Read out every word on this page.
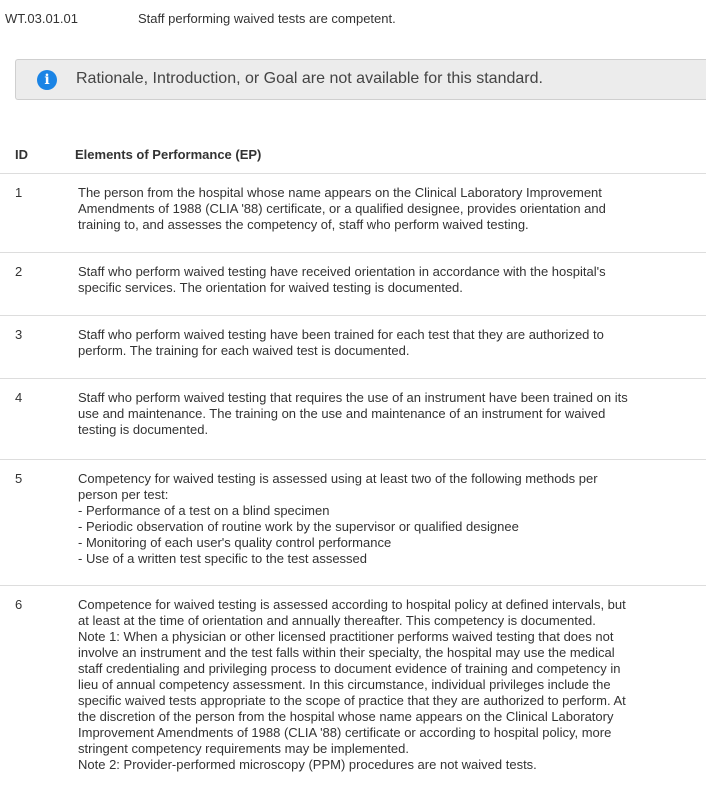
WT.03.01.01	Staff performing waived tests are competent.
i	Rationale, Introduction, or Goal are not available for this standard.
ID	Elements of Performance (EP)
1	The person from the hospital whose name appears on the Clinical Laboratory Improvement
Amendments of 1988 (CLIA '88) certificate, or a qualified designee, provides orientation and
training to, and assesses the competency of, staff who perform waived testing.
2	Staff who perform waived testing have received orientation in accordance with the hospital's
specific services. The orientation for waived testing is documented.
3	Staff who perform waived testing have been trained for each test that they are authorized to
perform. The training for each waived test is documented.
4	Staff who perform waived testing that requires the use of an instrument have been trained on its
use and maintenance. The training on the use and maintenance of an instrument for waived
testing is documented.
5	Competency for waived testing is assessed using at least two of the following methods per
person per test:
- Performance of a test on a blind specimen
- Periodic observation of routine work by the supervisor or qualified designee
- Monitoring of each user's quality control performance
- Use of a written test specific to the test assessed
6	Competence for waived testing is assessed according to hospital policy at defined intervals, but
at least at the time of orientation and annually thereafter. This competency is documented.
Note 1: When a physician or other licensed practitioner performs waived testing that does not
involve an instrument and the test falls within their specialty, the hospital may use the medical
staff credentialing and privileging process to document evidence of training and competency in
lieu of annual competency assessment. In this circumstance, individual privileges include the
specific waived tests appropriate to the scope of practice that they are authorized to perform. At
the discretion of the person from the hospital whose name appears on the Clinical Laboratory
Improvement Amendments of 1988 (CLIA '88) certificate or according to hospital policy, more
stringent competency requirements may be implemented.
Note 2: Provider-performed microscopy (PPM) procedures are not waived tests.
